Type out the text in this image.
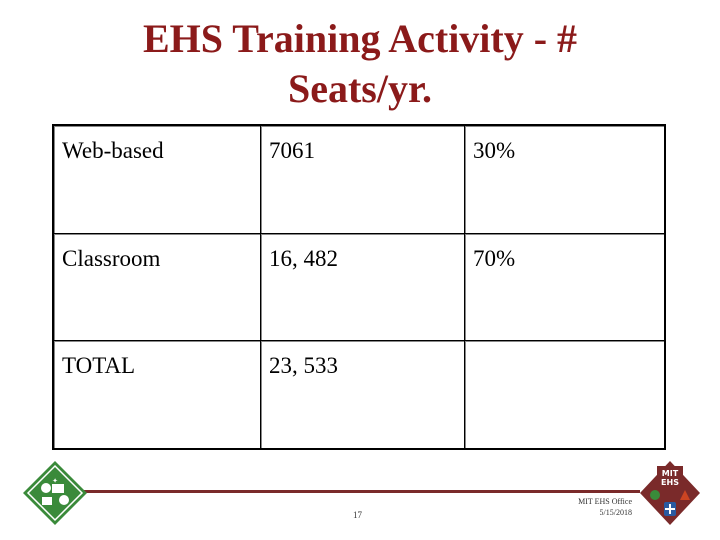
EHS Training Activity - #
Seats/yr.
Web-based	7061	30%
Classroom	16, 482	70%
TOTAL	23, 533	
✦
17
MIT EHS Office
5/15/2018
MIT
EHS
